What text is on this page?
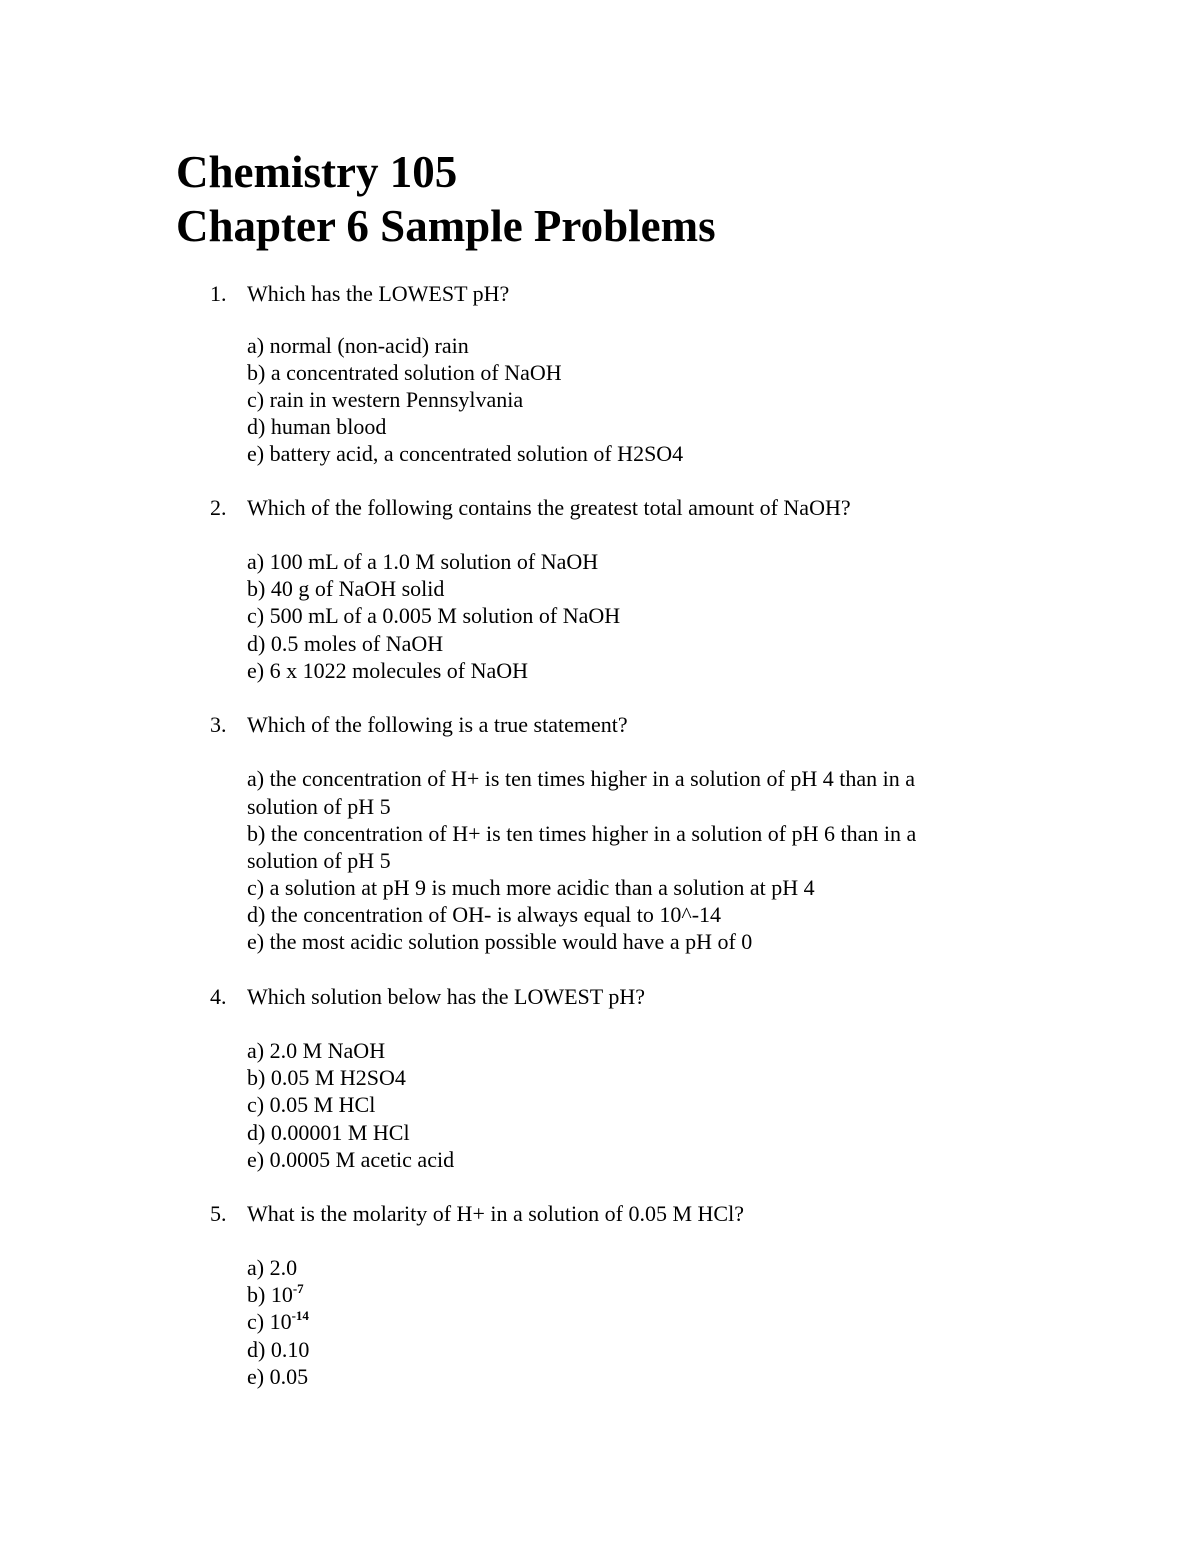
Chemistry 105
Chapter 6 Sample Problems
1. Which has the LOWEST pH?
a) normal (non-acid) rain
b) a concentrated solution of NaOH
c) rain in western Pennsylvania
d) human blood
e) battery acid, a concentrated solution of H2SO4
2. Which of the following contains the greatest total amount of NaOH?
a) 100 mL of a 1.0 M solution of NaOH
b) 40 g of NaOH solid
c) 500 mL of a 0.005 M solution of NaOH
d) 0.5 moles of NaOH
e) 6 x 1022 molecules of NaOH
3. Which of the following is a true statement?
a) the concentration of H+ is ten times higher in a solution of pH 4 than in a
solution of pH 5
b) the concentration of H+ is ten times higher in a solution of pH 6 than in a
solution of pH 5
c) a solution at pH 9 is much more acidic than a solution at pH 4
d) the concentration of OH- is always equal to 10^-14
e) the most acidic solution possible would have a pH of 0
4. Which solution below has the LOWEST pH?
a) 2.0 M NaOH
b) 0.05 M H2SO4
c) 0.05 M HCl
d) 0.00001 M HCl
e) 0.0005 M acetic acid
5. What is the molarity of H+ in a solution of 0.05 M HCl?
a) 2.0
b) $10^{-7}$
c) $10^{-14}$
d) 0.10
e) 0.05
